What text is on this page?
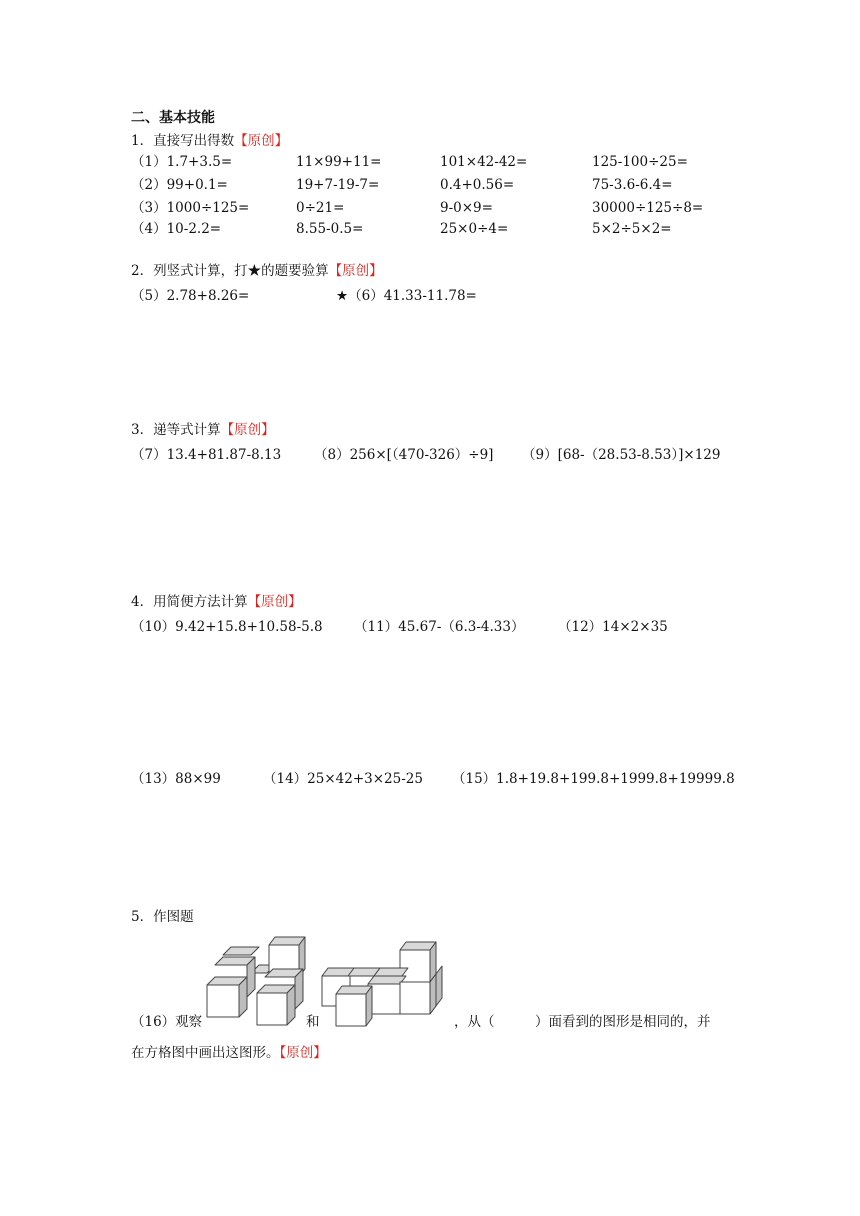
二、基本技能
1．直接写出得数【原创】
（1）1.7+3.5=	11×99+11=	101×42-42=	125-100÷25=
（2）99+0.1=	19+7-19-7=	0.4+0.56=	75-3.6-6.4=
（3）1000÷125=	0÷21=	9-0×9=	30000÷125÷8=
（4）10-2.2=	8.55-0.5=	25×0÷4=	5×2÷5×2=
2．列竖式计算，打★的题要验算【原创】
（5）2.78+8.26=	★（6）41.33-11.78=
3．递等式计算【原创】
（7）13.4+81.87-8.13 （8）256×[（470-326）÷9] （9）[68-（28.53-8.53）]×129
4．用简便方法计算【原创】
（10）9.42+15.8+10.58-5.8 （11）45.67-（6.3-4.33） （12）14×2×35
（13）88×99	（14）25×42+3×25-25 （15）1.8+19.8+199.8+1999.8+19999.8
5．作图题
（16）观察	和	，从（　　　）面看到的图形是相同的，并
在方格图中画出这图形。【原创】
